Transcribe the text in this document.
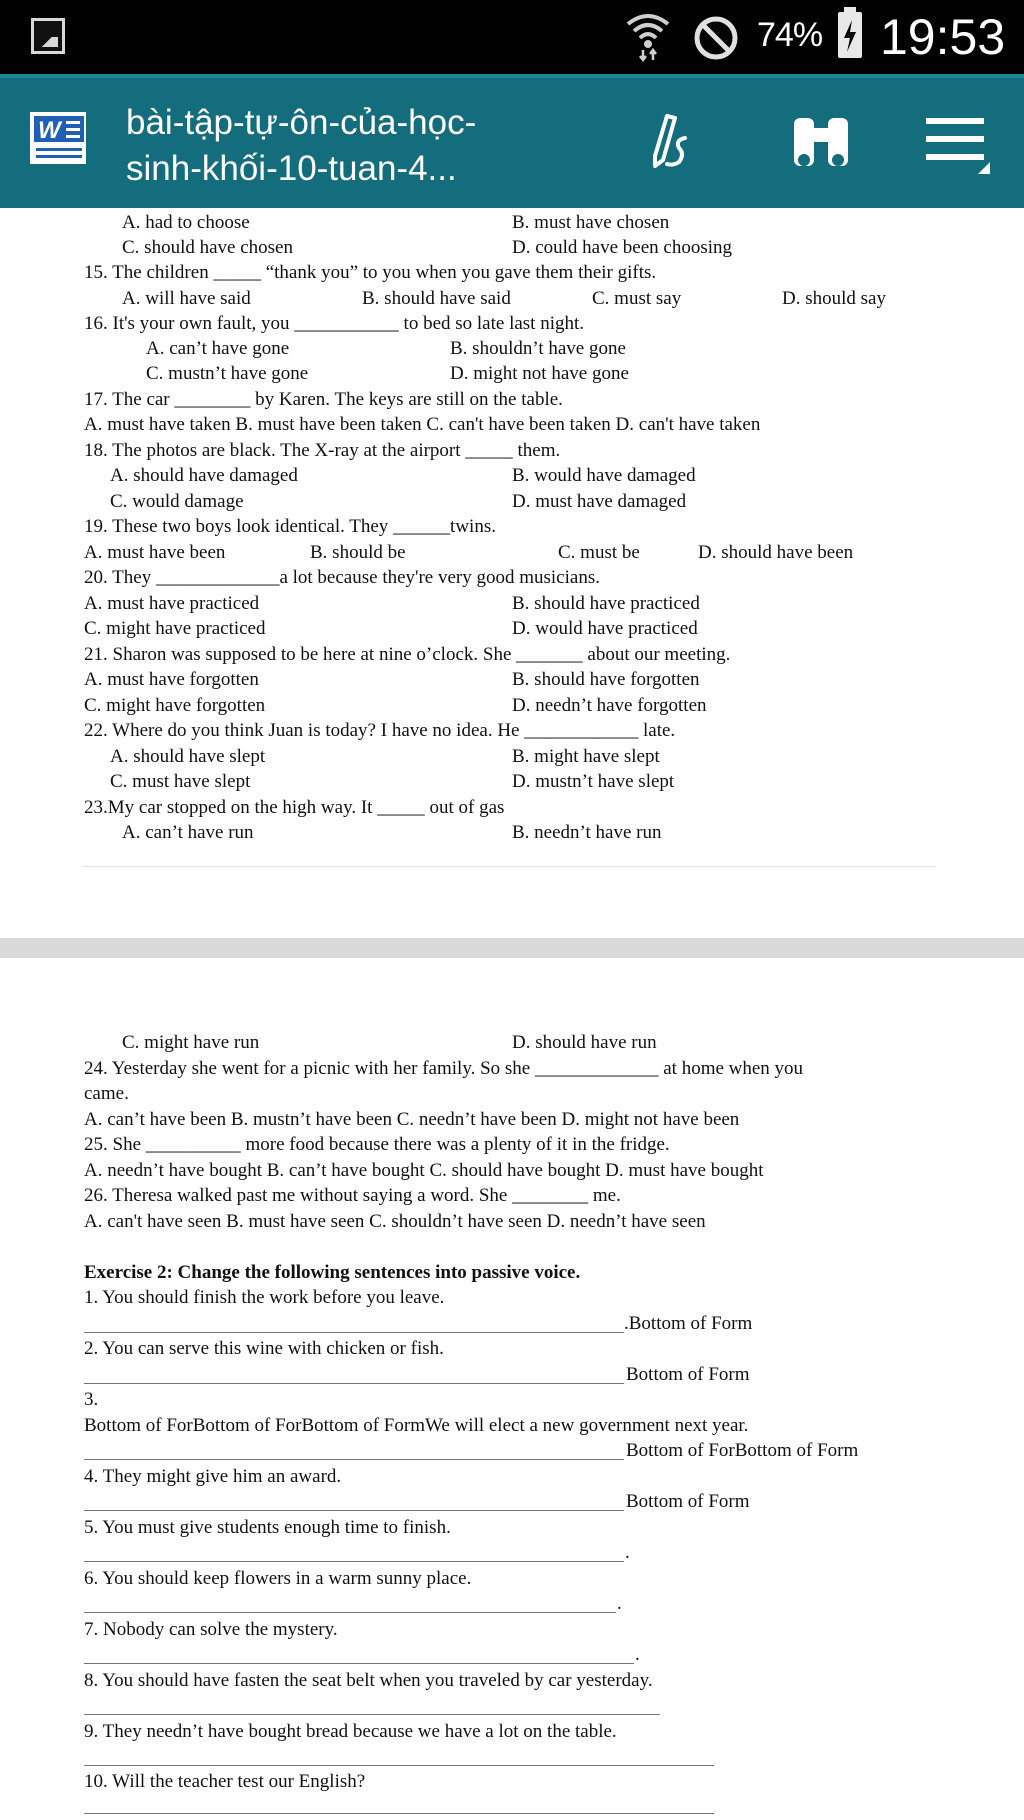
74% 19:53
W bài-tập-tự-ôn-của-học-
sinh-khối-10-tuan-4...
A. had to choose	B. must have chosen
C. should have chosen	D. could have been choosing
15. The children _____ “thank you” to you when you gave them their gifts.
A. will have said	B. should have said	C. must say	D. should say
16. It's your own fault, you ___________ to bed so late last night.
A. can’t have gone	B. shouldn’t have gone
C. mustn’t have gone	D. might not have gone
17. The car ________ by Karen. The keys are still on the table.
A. must have taken B. must have been taken C. can't have been taken D. can't have taken
18. The photos are black. The X-ray at the airport _____ them.
A. should have damaged	B. would have damaged
C. would damage	D. must have damaged
19. These two boys look identical. They ______twins.
A. must have been	B. should be	C. must be	D. should have been
20. They _____________a lot because they're very good musicians.
A. must have practiced	B. should have practiced
C. might have practiced	D. would have practiced
21. Sharon was supposed to be here at nine o’clock. She _______ about our meeting.
A. must have forgotten	B. should have forgotten
C. might have forgotten	D. needn’t have forgotten
22. Where do you think Juan is today? I have no idea. He ____________ late.
A. should have slept	B. might have slept
C. must have slept	D. mustn’t have slept
23.My car stopped on the high way. It _____ out of gas
A. can’t have run	B. needn’t have run
C. might have run	D. should have run
24. Yesterday she went for a picnic with her family. So she _____________ at home when you
came.
A. can’t have been B. mustn’t have been C. needn’t have been D. might not have been
25. She __________ more food because there was a plenty of it in the fridge.
A. needn’t have bought B. can’t have bought C. should have bought D. must have bought
26. Theresa walked past me without saying a word. She ________ me.
A. can't have seen B. must have seen C. shouldn’t have seen D. needn’t have seen
Exercise 2: Change the following sentences into passive voice.
1. You should finish the work before you leave.
.Bottom of Form
2. You can serve this wine with chicken or fish.
Bottom of Form
3.
Bottom of ForBottom of ForBottom of FormWe will elect a new government next year.
Bottom of ForBottom of Form
4. They might give him an award.
Bottom of Form
5. You must give students enough time to finish.
.
6. You should keep flowers in a warm sunny place.
.
7. Nobody can solve the mystery.
.
8. You should have fasten the seat belt when you traveled by car yesterday.
9. They needn’t have bought bread because we have a lot on the table.
10. Will the teacher test our English?
